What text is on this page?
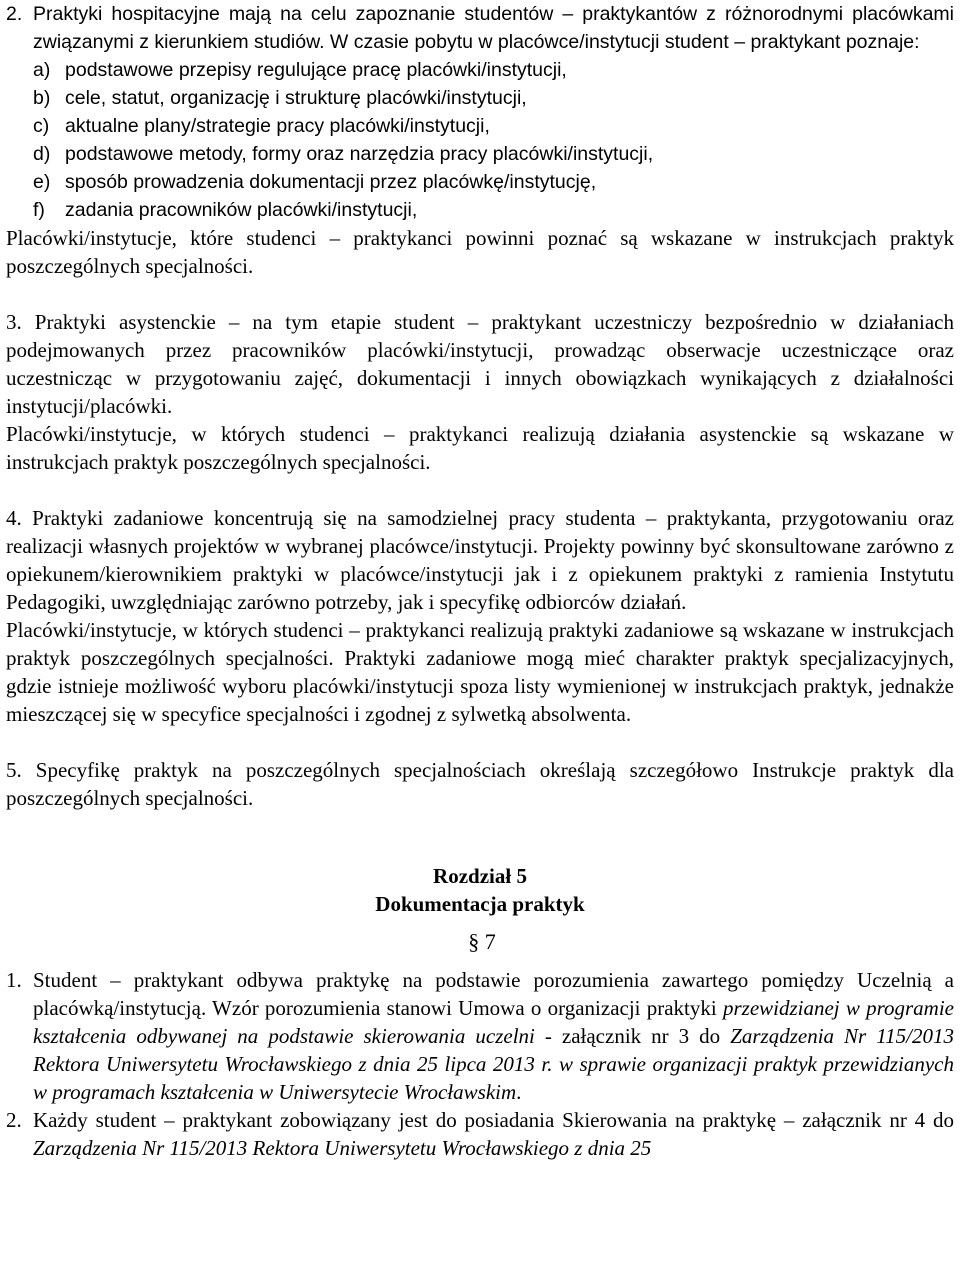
2. Praktyki hospitacyjne mają na celu zapoznanie studentów – praktykantów z różnorodnymi placówkami związanymi z kierunkiem studiów. W czasie pobytu w placówce/instytucji student – praktykant poznaje:
a) podstawowe przepisy regulujące pracę placówki/instytucji,
b) cele, statut, organizację i strukturę placówki/instytucji,
c) aktualne plany/strategie pracy placówki/instytucji,
d) podstawowe metody, formy oraz narzędzia pracy placówki/instytucji,
e) sposób prowadzenia dokumentacji przez placówkę/instytucję,
f)	zadania pracowników placówki/instytucji,

Placówki/instytucje, które studenci – praktykanci powinni poznać są wskazane w instrukcjach praktyk poszczególnych specjalności.

3. Praktyki asystenckie – na tym etapie student – praktykant uczestniczy bezpośrednio w działaniach podejmowanych przez pracowników placówki/instytucji, prowadząc obserwacje uczestniczące oraz uczestnicząc w przygotowaniu zajęć, dokumentacji i innych obowiązkach wynikających z działalności instytucji/placówki.

Placówki/instytucje, w których studenci – praktykanci realizują działania asystenckie są wskazane w instrukcjach praktyk poszczególnych specjalności.

4. Praktyki zadaniowe koncentrują się na samodzielnej pracy studenta – praktykanta, przygotowaniu oraz realizacji własnych projektów w wybranej placówce/instytucji. Projekty powinny być skonsultowane zarówno z opiekunem/kierownikiem praktyki w placówce/instytucji jak i z opiekunem praktyki z ramienia Instytutu Pedagogiki, uwzględniając zarówno potrzeby, jak i specyfikę odbiorców działań.

Placówki/instytucje, w których studenci – praktykanci realizują praktyki zadaniowe są wskazane w instrukcjach praktyk poszczególnych specjalności. Praktyki zadaniowe mogą mieć charakter praktyk specjalizacyjnych, gdzie istnieje możliwość wyboru placówki/instytucji spoza listy wymienionej w instrukcjach praktyk, jednakże mieszczącej się w specyfice specjalności i zgodnej z sylwetką absolwenta.

5. Specyfikę praktyk na poszczególnych specjalnościach określają szczegółowo Instrukcje praktyk dla poszczególnych specjalności.

Rozdział 5

Dokumentacja praktyk

§ 7

1. Student – praktykant odbywa praktykę na podstawie porozumienia zawartego pomiędzy Uczelnią a placówką/instytucją. Wzór porozumienia stanowi Umowa o organizacji praktyki przewidzianej w programie kształcenia odbywanej na podstawie skierowania uczelni - załącznik nr 3 do Zarządzenia Nr 115/2013 Rektora Uniwersytetu Wrocławskiego z dnia 25 lipca 2013 r. w sprawie organizacji praktyk przewidzianych w programach kształcenia w Uniwersytecie Wrocławskim.
2. Każdy student – praktykant zobowiązany jest do posiadania Skierowania na praktykę – załącznik nr 4 do Zarządzenia Nr 115/2013 Rektora Uniwersytetu Wrocławskiego z dnia 25
